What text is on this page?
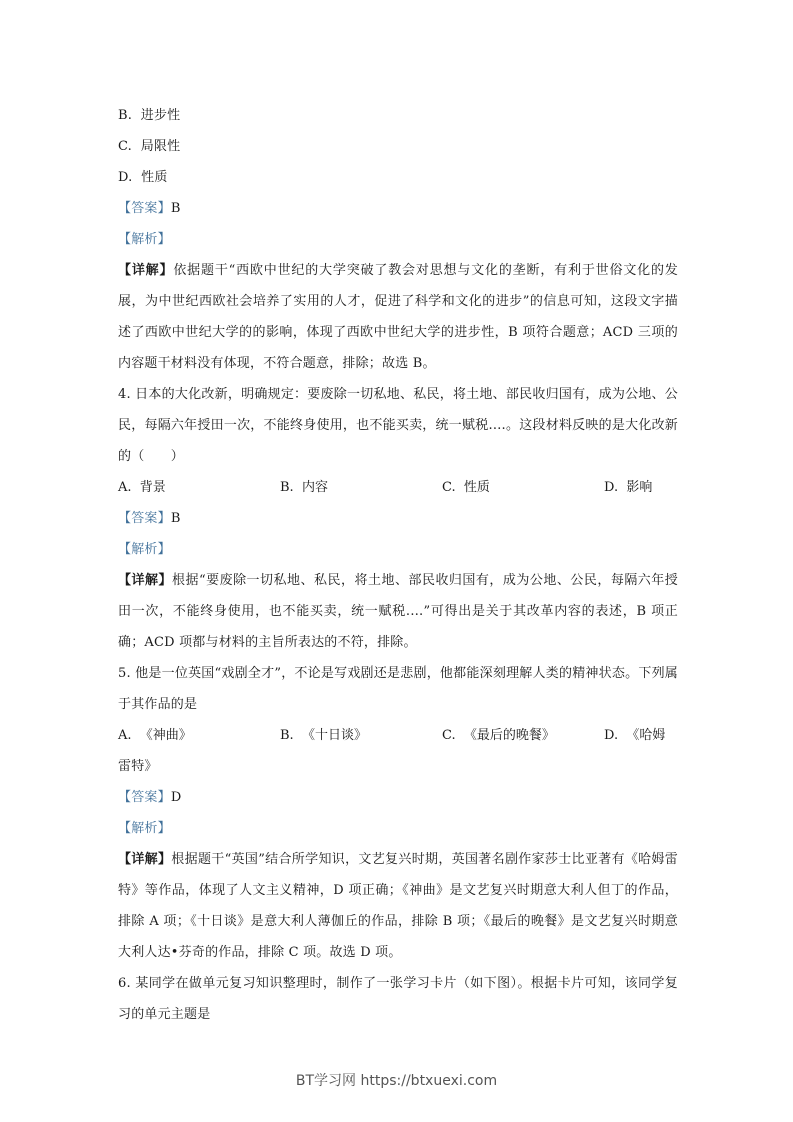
B. 进步性
C. 局限性
D. 性质
【答案】B
【解析】
【详解】依据题干“西欧中世纪的大学突破了教会对思想与文化的垄断，有利于世俗文化的发展，为中世纪西欧社会培养了实用的人才，促进了科学和文化的进步”的信息可知，这段文字描述了西欧中世纪大学的的影响，体现了西欧中世纪大学的进步性，B 项符合题意；ACD 三项的内容题干材料没有体现，不符合题意，排除；故选 B。
4. 日本的大化改新，明确规定：要废除一切私地、私民，将土地、部民收归国有，成为公地、公民，每隔六年授田一次，不能终身使用，也不能买卖，统一赋税.…。这段材料反映的是大化改新的（　　）
A. 背景	B. 内容	C. 性质	D. 影响
【答案】B
【解析】
【详解】根据“要废除一切私地、私民，将土地、部民收归国有，成为公地、公民，每隔六年授田一次，不能终身使用，也不能买卖，统一赋税.…”可得出是关于其改革内容的表述，B 项正确；ACD 项都与材料的主旨所表达的不符，排除。
5. 他是一位英国“戏剧全才”，不论是写戏剧还是悲剧，他都能深刻理解人类的精神状态。下列属于其作品的是
A. 《神曲》	B. 《十日谈》	C. 《最后的晚餐》	D. 《哈姆
雷特》
【答案】D
【解析】
【详解】根据题干“英国”结合所学知识，文艺复兴时期，英国著名剧作家莎士比亚著有《哈姆雷特》等作品，体现了人文主义精神，D 项正确；《神曲》是文艺复兴时期意大利人但丁的作品，排除 A 项；《十日谈》是意大利人薄伽丘的作品，排除 B 项；《最后的晚餐》是文艺复兴时期意大利人达•芬奇的作品，排除 C 项。故选 D 项。
6. 某同学在做单元复习知识整理时，制作了一张学习卡片（如下图）。根据卡片可知，该同学复习的单元主题是
BT学习网 https://btxuexi.com
